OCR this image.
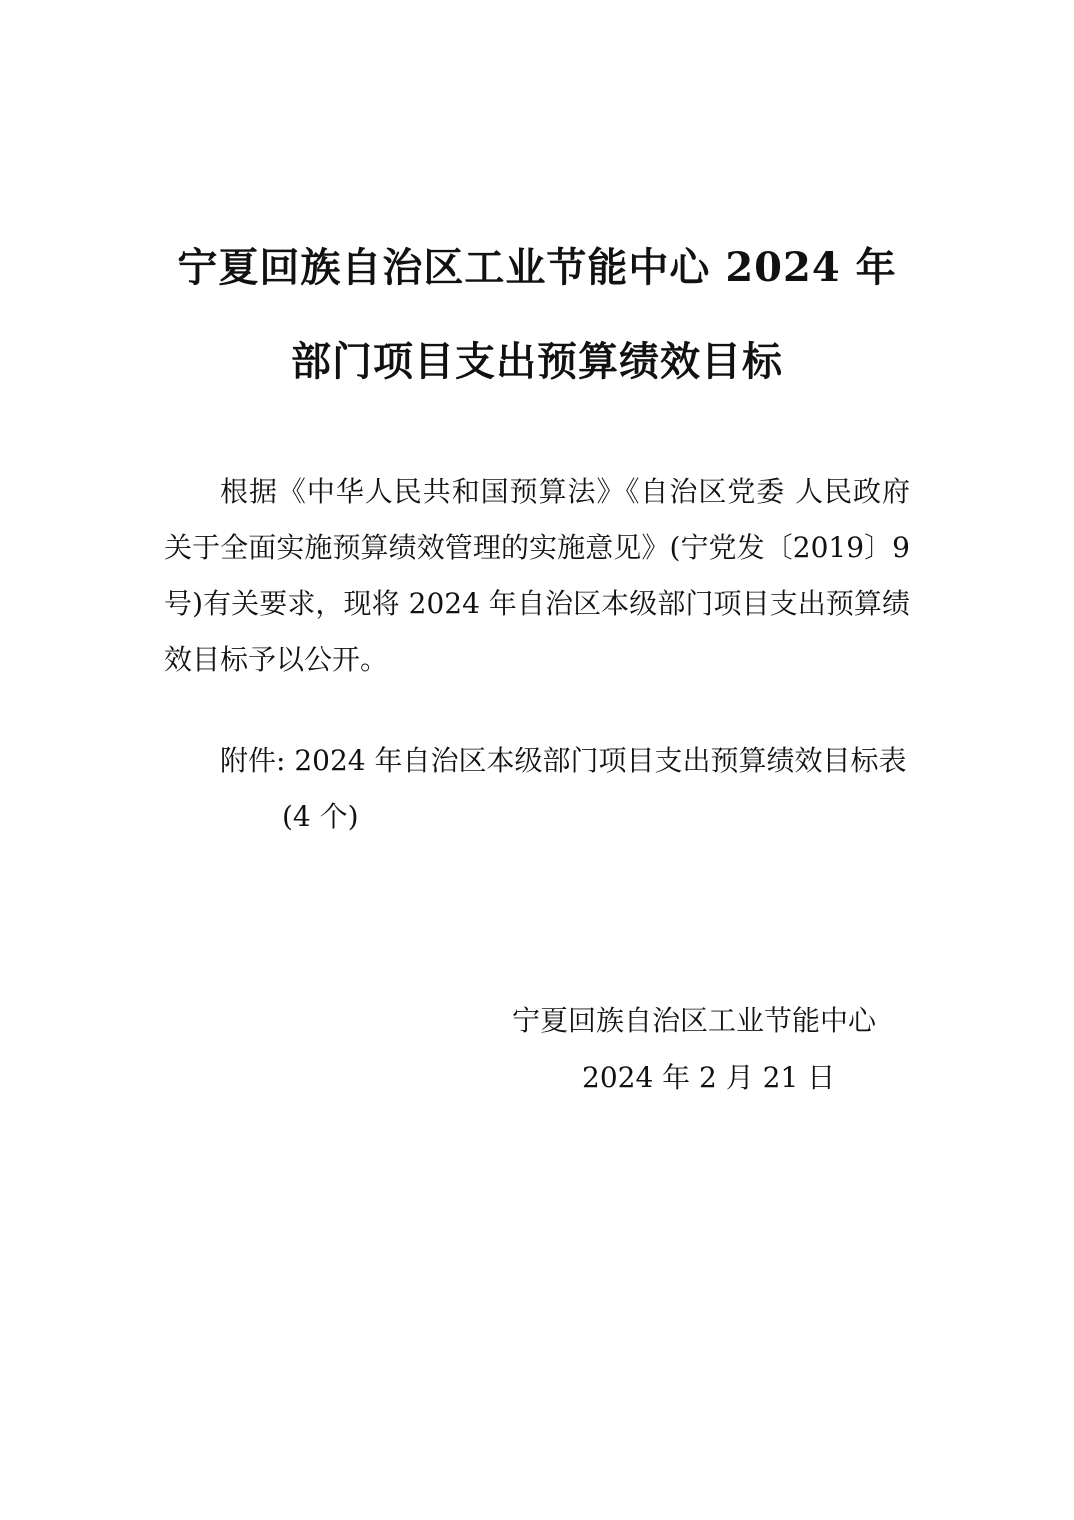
宁夏回族自治区工业节能中心 2024 年
部门项目支出预算绩效目标
根据《中华人民共和国预算法》《自治区党委 人民政府关于全面实施预算绩效管理的实施意见》(宁党发〔2019〕9号)有关要求，现将 2024 年自治区本级部门项目支出预算绩效目标予以公开。
附件: 2024 年自治区本级部门项目支出预算绩效目标表
(4 个)
宁夏回族自治区工业节能中心
2024 年 2 月 21 日
